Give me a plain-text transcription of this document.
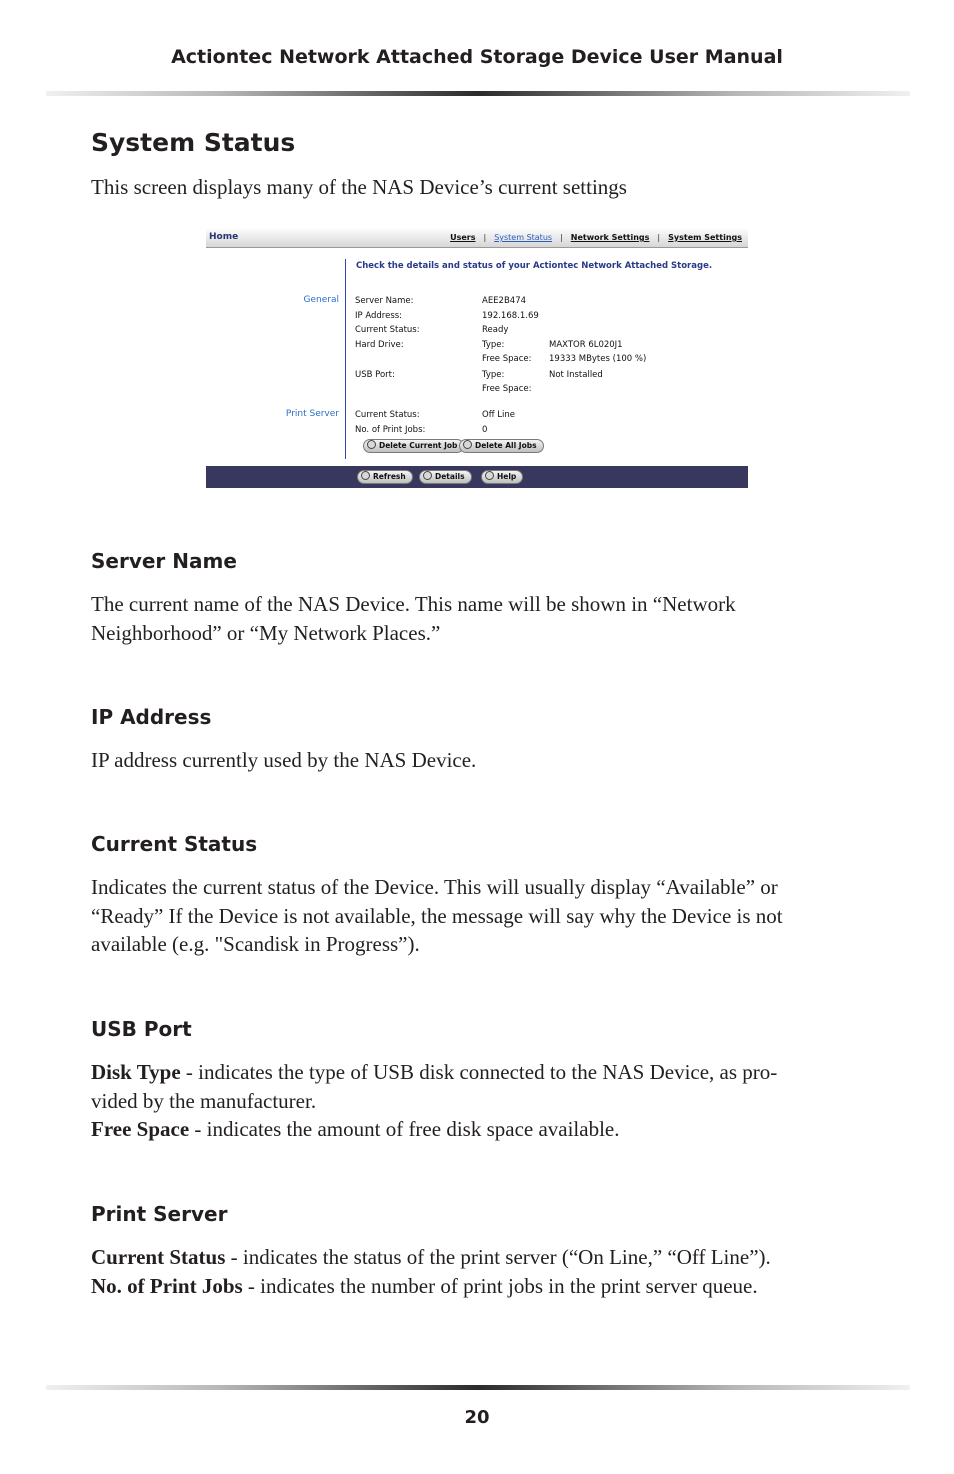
Actiontec Network Attached Storage Device User Manual
System Status
This screen displays many of the NAS Device’s current settings
Home	Users | System Status | Network Settings | System Settings
Check the details and status of your Actiontec Network Attached Storage.
General Server Name:	AEE2B474
IP Address:	192.168.1.69
Current Status:	Ready
Hard Drive:	Type:	MAXTOR 6L020J1
Free Space: 19333 MBytes (100 %)
USB Port:	Type:	Not Installed
Free Space:
Print Server Current Status:	Off Line
No. of Print Jobs:	0
Delete Current Job	Delete All Jobs
Refresh	Details	Help
Server Name
The current name of the NAS Device. This name will be shown in “Network
Neighborhood” or “My Network Places.”
IP Address
IP address currently used by the NAS Device.
Current Status
Indicates the current status of the Device. This will usually display “Available” or
“Ready” If the Device is not available, the message will say why the Device is not
available (e.g. "Scandisk in Progress”).
USB Port
Disk Type - indicates the type of USB disk connected to the NAS Device, as pro-
vided by the manufacturer.
Free Space - indicates the amount of free disk space available.
Print Server
Current Status - indicates the status of the print server (“On Line,” “Off Line”).
No. of Print Jobs - indicates the number of print jobs in the print server queue.
20
